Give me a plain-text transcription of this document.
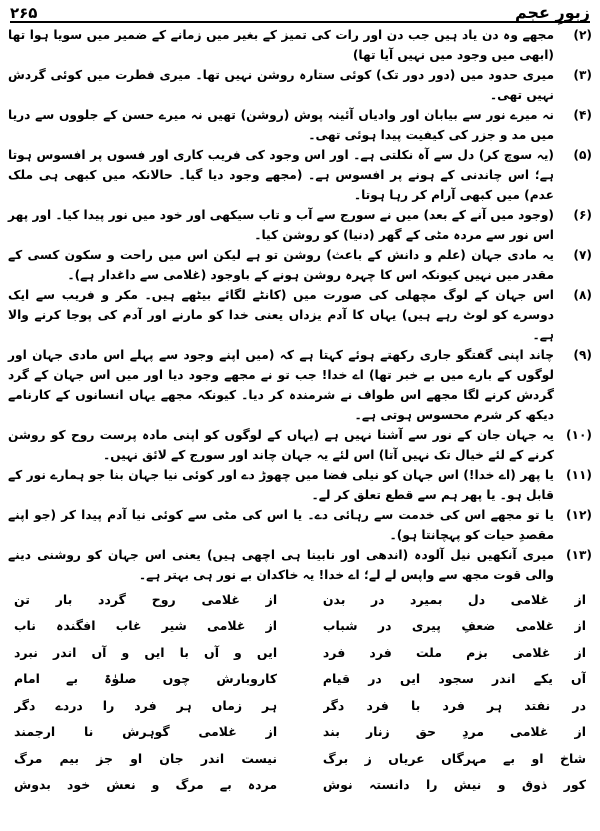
زبورِ عجم
۲۶۵
(۲)
مجھے وہ دن یاد ہیں جب دن اور رات کی تمیز کے بغیر میں زمانے کے ضمیر میں سویا ہوا تھا (ابھی میں وجود میں نہیں آیا تھا)
(۳)
میری حدود میں (دور دور تک) کوئی ستارہ روشن نہیں تھا۔ میری فطرت میں کوئی گردش نہیں تھی۔
(۴)
نہ میرے نور سے بیابان اور وادیاں آئینہ پوش (روشن) تھیں نہ میرے حسن کے جلووں سے دریا میں مد و جزر کی کیفیت پیدا ہوئی تھی۔
(۵)
(یہ سوچ کر) دل سے آہ نکلتی ہے۔ اور اس وجود کی فریب کاری اور فسوں پر افسوس ہوتا ہے؛ اس چاندنی کے ہونے پر افسوس ہے۔ (مجھے وجود دیا گیا۔ حالانکہ میں کبھی ہی ملک عدم) میں کبھی آرام کر رہا ہوتا۔
(۶)
(وجود میں آنے کے بعد) میں نے سورج سے آب و تاب سیکھی اور خود میں نور پیدا کیا۔ اور پھر اس نور سے مردہ مٹی کے گھر (دنیا) کو روشن کیا۔
(۷)
یہ مادی جہان (علم و دانش کے باعث) روشن تو ہے لیکن اس میں راحت و سکون کسی کے مقدر میں نہیں کیونکہ اس کا چہرہ روشن ہونے کے باوجود (غلامی سے داغدار ہے)۔
(۸)
اس جہان کے لوگ مچھلی کی صورت میں (کانٹے لگائے بیٹھے ہیں۔ مکر و فریب سے ایک دوسرے کو لوٹ رہے ہیں) یہاں کا آدم یزداں یعنی خدا کو مارنے اور آدم کی پوجا کرنے والا ہے۔
(۹)
چاند اپنی گفتگو جاری رکھتے ہوئے کہتا ہے کہ (میں اپنے وجود سے پہلے اس مادی جہان اور لوگوں کے بارے میں بے خبر تھا) اے خدا! جب تو نے مجھے وجود دیا اور میں اس جہان کے گرد گردش کرنے لگا مجھے اس طواف نے شرمندہ کر دیا۔ کیونکہ مجھے یہاں انسانوں کے کارنامے دیکھ کر شرم محسوس ہوتی ہے۔
(۱۰)
یہ جہان جان کے نور سے آشنا نہیں ہے (یہاں کے لوگوں کو اپنی مادہ پرست روح کو روشن کرنے کے لئے خیال تک نہیں آتا) اس لئے یہ جہان چاند اور سورج کے لائق نہیں۔
(۱۱)
یا پھر (اے خدا!) اس جہان کو نیلی فضا میں چھوڑ دے اور کوئی نیا جہان بنا جو ہمارے نور کے قابل ہو۔ یا پھر ہم سے قطع تعلق کر لے۔
(۱۲)
یا تو مجھے اس کی خدمت سے رہائی دے۔ یا اس کی مٹی سے کوئی نیا آدم پیدا کر (جو اپنے مقصدِ حیات کو پہچانتا ہو)۔
(۱۳)
میری آنکھیں نیل آلودہ (اندھی اور نابینا ہی اچھی ہیں) یعنی اس جہان کو روشنی دینے والی قوت مجھ سے واپس لے لے؛ اے خدا! یہ خاکدان بے نور ہی بہتر ہے۔
از غلامی دل بمیرد در بدن
از غلامی روح گردد بارِ تن
از غلامی ضعفِ پیری در شباب
از غلامی شیرِ غاب افگندہ ناب
از غلامی بزمِ ملت فرد فرد
ایں و آں با ایں و آں اندر نبرد
آں یکے اندر سجود ایں در قیام
کاروبارش چوں صلوٰۃ بے امام
در نفتد ہر فرد با فرد دگر
ہر زماں ہر فرد را دردے دگر
از غلامی مردِ حق زنار بند
از غلامی گوہرش نا ارجمند
شاخِ او بے مہرگاں عریاں ز برگ
نیست اندر جانِ او جز بیمِ مرگ
کور ذوق و نیش را دانستہ نوش
مردہ بے مرگ و نعشِ خود بدوش
